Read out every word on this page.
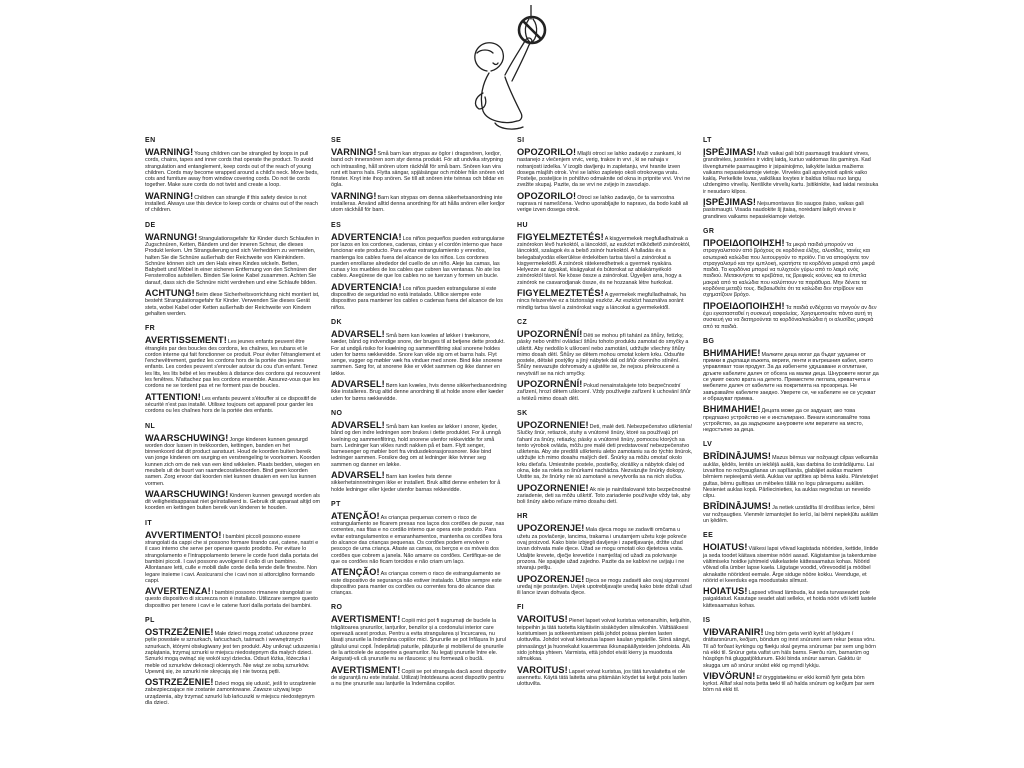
EN
WARNING!Young children can be strangled by loops in pull cords, chains, tapes and inner cords that operate the product. To avoid strangulation and entanglement, keep cords out of the reach of young children. Cords may become wrapped around a child's neck. Move beds, cots and furniture away from window covering cords. Do not tie cords together. Make sure cords do not twist and create a loop.
WARNING!Children can strangle if this safety device is not installed. Always use this device to keep cords or chains out of the reach of children.
DE
WARNUNG!Strangulationsgefahr für Kinder durch Schlaufen in Zugschnüren, Ketten, Bändern und der inneren Schnur, die dieses Produkt lenken. Um Strangulierung und sich Verheddern zu vermeiden, halten Sie die Schnüre außerhalb der Reichweite von Kleinkindern. Schnüre können sich um den Hals eines Kindes wickeln. Betten, Babybett und Möbel in einer sicheren Entfernung von den Schnüren der Fensterrollos aufstellen. Binden Sie keine Kabel zusammen. Achten Sie darauf, dass sich die Schnüre nicht verdrehen und eine Schlaufe bilden.
ACHTUNG!Beim diese Sicherheitsvorrichtung nicht montiert ist, besteht Strangulationsgefahr für Kinder. Verwenden Sie dieses Gerät stets, wobei Kabel oder Ketten außerhalb der Reichweite von Kindern gehalten werden.
FR
AVERTISSEMENT!Les jeunes enfants peuvent être étranglés par des boucles des cordons, les chaînes, les rubans et le cordon interne qui fait fonctionner ce produit. Pour éviter l'étranglement et l'enchevêtrement, gardez les cordons hors de la portée des jeunes enfants. Les cordes peuvent s'enrouler autour du cou d'un enfant. Tenez les lits, les lits bébé et les meubles à distance des cordons qui recouvrent les fenêtres. N'attachez pas les cordons ensemble. Assurez-vous que les cordons ne se tordent pas et ne forment pas de boucles.
ATTENTION!Les enfants peuvent s'étouffer si ce dispositif de sécurité n'est pas installé. Utilisez toujours cet appareil pour garder les cordons ou les chaînes hors de la portée des enfants.
NL
WAARSCHUWING!Jonge kinderen kunnen gewurgd worden door lussen in trekkoorden, kettingen, banden en het binnenkoord dat dit product aanstuurt. Houd de koorden buiten bereik van jonge kinderen om wurging en verstrengeling te voorkomen. Koorden kunnen zich om de nek van een kind wikkelen. Plaats bedden, wiegen en meubels uit de buurt van raamdecoratiekoorden. Bind geen koorden samen. Zorg ervoor dat koorden niet kunnen draaien en een lus kunnen vormen.
WAARSCHUWING!Kinderen kunnen gewurgd worden als dit veiligheidsapparaat niet geïnstalleerd is. Gebruik dit apparaat altijd om koorden en kettingen buiten bereik van kinderen te houden.
IT
AVVERTIMENTO!I bambini piccoli possono essere strangolati da cappi che si possono formare tirando cavi, catene, nastri e il cavo interno che serve per operare questo prodotto. Per evitare lo strangolamento e l'intrappolamento tenere le corde fuori dalla portata dei bambini piccoli. I cavi possono avvolgersi il collo di un bambino. Allontanare letti, culle e mobili dalle corde della tende delle finestre. Non legare insieme i cavi. Assicurarsi che i cavi non si attorciglino formando cappi.
AVVERTENZA!I bambini possono rimanere strangolati se questo dispositivo di sicurezza non è installato. Utilizzare sempre questo dispositivo per tenere i cavi e le catene fuori dalla portata dei bambini.
PL
OSTRZEŻENIE!Małe dzieci mogą zostać uduszone przez pętle powstałe w sznurkach, łańcuchach, taśmach i wewnętrznych sznurkach, którymi obsługiwany jest ten produkt. Aby uniknąć uduszenia i zaplątania, trzymaj sznurki w miejscu niedostępnym dla małych dzieci. Sznurki mogą owinąć się wokół szyi dziecka. Odsuń łóżka, łóżeczka i meble od sznurków dekoracji okiennych. Nie wiąż ze sobą sznurków. Upewnij się, że sznurki nie skręcają się i nie tworzą pętli.
OSTRZEŻENIE!Dzieci mogą się udusić, jeśli to urządzenie zabezpieczające nie zostanie zamontowane. Zawsze używaj tego urządzenia, aby trzymać sznurki lub łańcuszki w miejscu niedostępnym dla dzieci.
SE
VARNING!Små barn kan strypas av öglor i dragsnören, kedjor, band och innersnören som styr denna produkt. För att undvika strypning och intrassling, håll snören utom räckhåll för små barn. Snören kan vira runt ett barns hals. Flytta sängar, spjälsängar och möbler från snören vid fönster. Knyt inte ihop snören. Se till att snören inte tvinnas och bildar en ögla.
VARNING!Barn kan strypas om denna säkerhetsanordning inte installeras. Använd alltid denna anordning för att hålla snören eller kedjor utom räckhåll för barn.
ES
ADVERTENCIA!Los niños pequeños pueden estrangularse por lazos en los cordones, cadenas, cintas y el cordón interno que hace funcionar este producto. Para evitar estrangulamiento y enredos, mantenga los cables fuera del alcance de los niños. Los cordones pueden enrollarse alrededor del cuello de un niño. Aleje las camas, las cunas y los muebles de los cables que cubren las ventanas. No ate los cables. Asegúrese de que los cables no se tuerzan y formen un bucle.
ADVERTENCIA!Los niños pueden estrangularse si este dispositivo de seguridad no está instalado. Utilice siempre este dispositivo para mantener los cables o cadenas fuera del alcance de los niños.
DK
ADVARSEL!Små børn kan kvæles af løkker i træksnore, kæder, bånd og indvendige snore, der bruges til at betjene dette produkt. For at undgå risiko for kvælning og sammenfiltring skal snorene holdes uden for børns rækkevidde. Snore kan vikle sig om et barns hals. Flyt senge, vugger og møbler væk fra vinduer med snore. Bind ikke snorene sammen. Sørg for, at snorene ikke er viklet sammen og ikke danner en løkke.
ADVARSEL!Børn kan kvæles, hvis denne sikkerhedsanordning ikke installeres. Brug altid denne anordning til at holde snore eller kæder uden for børns rækkevidde.
NO
ADVARSEL!Små barn kan kveles av løkker i snorer, kjeder, bånd og den indre ledningen som brukes i dette produktet. For å unngå kvelning og sammenfiltring, hold snorene utenfor rekkevidde for små barn. Ledninger kan vikles rundt nakken på et barn. Flytt senger, barnesenger og møbler bort fra vindusdekorasjonssnorer. Ikke bind ledninger sammen. Forsikre deg om at ledninger ikke tvinner seg sammen og danner en løkke.
ADVARSEL!Barn kan kveles hvis denne sikkerhetsinnretningen ikke er installert. Bruk alltid denne enheten for å holde ledninger eller kjeder utenfor barnas rekkevidde.
PT
ATENÇÃO!As crianças pequenas correm o risco de estrangulamento se ficarem presas nos laços dos cordões de puxar, nas correntes, nas fitas e no cordão interno que opera este produto. Para evitar estrangulamentos e emaranhamentos, mantenha os cordões fora do alcance das crianças pequenas. Os cordões podem envolver o pescoço de uma criança. Afaste as camas, os berços e os móveis dos cordões que cobrem a janela. Não amarre os cordões. Certifique-se de que os cordões não ficam torcidos e não criam um laço.
ATENÇÃO!As crianças correm o risco de estrangulamento se este dispositivo de segurança não estiver instalado. Utilize sempre este dispositivo para manter os cordões ou correntes fora do alcance das crianças.
RO
AVERTISMENT!Copiii mici pot fi sugrumați de buclele la trăgătoarea șnururilor, lanțurilor, benzilor și a cordonului interior care operează acest produs. Pentru a evita strangularea și încurcarea, nu lăsați șnururile la îndemâna copiilor mici. Șnururile se pot înfășura în jurul gâtului unui copil. Îndepărtați paturile, pătuțurile și mobilierul de șnururile de la articolele de acoperire a geamurilor. Nu legați șnururile între ele. Asigurați-vă că șnururile nu se răsucesc și nu formează o buclă.
AVERTISMENT!Copiii se pot strangula dacă acest dispozitiv de siguranță nu este instalat. Utilizați întotdeauna acest dispozitiv pentru a nu ține șnururile sau lanțurile la îndemâna copiilor.
SI
OPOZORILO!Mlajši otroci se lahko zadavijo z zankami, ki nastanejo z vlečenjem vrvic, verig, trakov in vrvi , ki se nahaja v notranjosti izdelka. V izogib davljenju in zapletanju, vrvi hranite izven dosega mlajših otrok. Vrvi se lahko zapletejo okoli otrokovega vratu. Postelje, posteljice in pohištvo odmaknite od okna in pripnite vrvi. Vrvi ne zvežite skupaj. Pazite, da se vrvi ne zvijejo in zavozlajo.
OPOZORILO!Otroci se lahko zadavijo, če ta varnostna naprava ni nameščena. Vedno uporabljajte to napravo, da bodo kabli ali verige izven dosega otrok.
HU
FIGYELMEZTETÉS!A kisgyermekek megfulladhatnak a zsinórokon lévő hurkoktól, a láncoktól, az eszközt működtető zsinóroktól, láncoktól, szalagok és a belső zsinór hurkoktól. A fulladás és a belegabalyodás elkerülése érdekében tartsa távol a zsinórokat a kisgyermekektől. A zsinórok rátekeredhetnek a gyermek nyakára. Helyezze az ágyakat, kiságyakat és bútorokat az ablakárnyékoló zsinóroktól távol. Ne kösse össze a zsinórokat. Ügyeljen arra, hogy a zsinórok ne csavarodjanak össze, és ne hozzanak létre hurkokat.
FIGYELMEZTETÉS!A gyermekek megfulladhatnak, ha nincs felszerelve ez a biztonsági eszköz. Az eszközt használva soránt mindig tartsa távol a zsinórokat vagy a láncokat a gyermekektől.
CZ
UPOZORNĚNÍ!Děti se mohou při tahání za šňůry, řetízky, pásky nebo vnitřní ovládací šňůru tohoto produktu zamotat do smyčky a uškrtit. Aby nedošlo k uškrcení nebo zamotání, udržujte všechny šňůry mimo dosah dětí. Šňůry se dětem mohou omotat kolem krku. Odsuňte postele, dětské postýlky a jiný nábytek dál od šňůr okenního stínění. Šňůry nesvazujte dohromady a ujistěte se, že nejsou překroucené a nevytváří se na nich smyčky.
UPOZORNĚNÍ!Pokud nenainstalujete toto bezpečnostní zařízení, hrozí dětem uškrcení. Vždy používejte zařízení k uchování šňůr a řetězů mimo dosah dětí.
SK
UPOZORNENIE!Deti, malé deti. Nebezpečenstvo uškrtenia! Slučky šnúr, retiazok, stuhy a vnútorné šnúry, ktoré sa používajú pri ťahaní za šnúry, retiazky, pásky a vnútorné šnúry, pomocou ktorých sa tento výrobok ovláda, môžu pre malé deti predstavovať nebezpečenstvo uškrtenia. Aby ste predišli uškrteniu alebo zamotaniu sa do týchto šnúrok, udržujte ich mimo dosahu malých detí. Šnúrky sa môžu omotať okolo krku dieťaťa. Umiestnite postele, postieľky, okrášky a nábytok ďalej od okna, kde sa roleta so šnúrkami nachádza. Nezväzujte šnúrky dokopy. Uistite sa, že šnúrky nie sú zamotané a nevytvorila sa na nich slučka.
UPOZORNENIE!Ak nie je nainštalované toto bezpečnostné zariadenie, deti sa môžu uškrtiť. Toto zariadenie používajte vždy tak, aby boli šnúry alebo reťaze mimo dosahu detí.
HR
UPOZORENJE!Mala djeca mogu se zadaviti omčama u užetu za povlačenje, lancima, trakama i unutarnjem užetu koje pokreće ovaj proizvod. Kako biste izbjegli davljenje i zapetljavanje, držite užad izvan dohvata male djece. Užad se mogu omotati oko djetetova vrata. Udaljite krevete, dječje krevetiće i namještaj od užadi za pokrivanje prozora. Ne spajajte užad zajedno. Pazite da se kablovi ne uvijaju i ne stvaraju petlju.
UPOZORENJE!Djeca se mogu zadaviti ako ovaj sigurnosni uređaj nije postavljen. Uvijek upotrebljavajte uređaj kako biste držali užad ili lance izvan dohvata djece.
FI
VAROITUS!Pienet lapset voivat kuristua vetonaruihin, ketjuihin, teippeihin ja tätä tuotetta käyttäviin sisäköyden silmukoihin. Välttääksesi kuristumisen ja sotkeentumisen pidä johdot poissa pienten lasten ulottuvilta. Johdot voivat kietoutua lapsen kaulan ympärille. Siirrä sängyt, pinnasängyt ja huonekalut kauemmas ikkunapäällysteiden johdoista. Älä sido johtoja yhteen. Varmista, että johdot eivät kierry ja muodosta silmukkaa.
VAROITUS!Lapset voivat kuristua, jos tätä turvalaitetta ei ole asennettu. Käytä tätä laitetta aina pitämään köydet tai ketjut pois lasten ulottuvilta.
LT
ĮSPĖJIMAS!Maži vaikai gali būti pasmaugti traukiant virves, grandinėles, juosteles ir vidinį laidą, kuriuo valdomas šis gaminys. Kad išvengtumėte pasmaugimo ir įsipainiojimo, laikykite laidus mažiems vaikams nepasiekiamoje vietoje. Virvelės gali apsivynioti aplink vaiko kaklą. Perkelkite lovas, vaikiškas lovytes ir baldus toliau nuo langų uždengimo virvelių. Neriškite virvelių kartu. Įsitikinkite, kad laidai nesisuka ir nesudaro kilpos.
ĮSPĖJIMAS!Neįsumontavus šio saugos įtaiso, vaikas gali pasismaugti. Visada naudokite šį įtaisą, norėdami laikyti virves ir grandines vaikams nepasiekiamoje vietoje.
GR
ΠΡΟΕΙΔΟΠΟΙΗΣΗ!Τα μικρά παιδιά μπορούν να στραγγαλιστούν από βρόχους σε κορδόνια έλξης, αλυσίδες, ταινίες και εσωτερικά καλώδια που λειτουργούν το προϊόν. Για να αποφύγετε τον στραγγαλισμό και την εμπλοκή, κρατήστε τα κορδόνια μακριά από μικρά παιδιά. Τα κορδόνια μπορεί να τυλιχτούν γύρω από το λαιμό ενός παιδιού. Μετακινήστε τα κρεβάτια, τις βρεφικές κούνιες και τα έπιπλα μακριά από τα καλώδια που καλύπτουν τα παράθυρα. Μην δένετε τα κορδόνια μεταξύ τους. Βεβαιωθείτε ότι τα καλώδια δεν στρίβουν και σχηματίζουν βρόχο.
ΠΡΟΕΙΔΟΠΟΙΗΣΗ!Τα παιδιά ενδέχεται να πνιγούν αν δεν έχει εγκατασταθεί η συσκευή ασφαλείας. Χρησιμοποιείτε πάντα αυτή τη συσκευή για να διατηρούνται τα κορδόνια/καλώδια ή οι αλυσίδες μακριά από τα παιδιά.
BG
ВНИМАНИЕ!Малките деца могат да бъдат удушени от примки в дърпащи въжета, вериги, ленти и вътрешния кабел, които управляват този продукт. За да избегнете удушаване и оплитане, дръжте кабелите далеч от обсега на малки деца. Шнуровете могат да се увият около врата на детето. Преместете леглата, креватчета и мебелите далеч от кабелите на покритията на прозореца. Не завързвайте кабелите заедно. Уверете се, че кабелите не се усукват и образуват примка.
ВНИМАНИЕ!Децата може да се задушат, ако това предпазно устройство не е инсталирано. Винаги използвайте това устройство, за да задържате шнуровете или веригите на място, недостъпно за деца.
LV
BRĪDINĀJUMS!Mazus bērnus var nožņaugt cilpas velkamās auklās, ķēdēs, lentēs un iekšējā auklā, kas darbina šo izstrādājumu. Lai izvairītos no nožņaugšanas un sapīšanās, glabājiet auklas maziem bērniem nepieejamā vietā. Auklas var aptīties ap bērna kaklu. Pārvietojiet gultas, bērnu gultiņas un mēbeles tālāk no logu pārsegumu auklām. Nesieniet auklas kopā. Pārliecinieties, ka auklas negriežas un neveido cilpu.
BRĪDINĀJUMS!Ja netiek uzstādīta šī drošības ierīce, bērni var nožņaugties. Vienmēr izmantojiet šo ierīci, lai bērni nepiekļūtu auklām un ķēdēm.
EE
HOIATUS!Väikesi lapsi võivad kagistada nöörides, kettide, lintide ja seda toodet käitava sisemise nööri aasad. Kägistamise ja takerdumise vältimiseks hoidke juhtmeid väikelastele kättesaamatus kohas. Nöörid võivad olla ümber lapse kaela. Liigutage voodid, võrevoodid ja mööbel aknakatte nööridest eemale. Ärge siduge nööre kokku. Veenduge, et nöörid ei keerduks ega moodustaks silmust.
HOIATUS!Lapsed võivad lämbuda, kui seda turvaseadet pole paigaldatud. Kasutage seadet alati selleks, et hoida nööri või ketti lastele kättesaamatus kohas.
IS
VIÐVARANIR!Ung börn geta verið kyrkt af lykkjum í dráttarsnúrum, keðjum, böndum og innri snúrunni sem rekur þessa vöru. Til að forðast kyrkingu og flækju skal geyma snúrurnar þar sem ung börn ná ekki til. Snúrur geta vafist um háls barns. Færðu rúm, barnarúm og húsgögn frá gluggatjöldunum. Ekki binda snúrur saman. Gakktu úr skugga um að snúrur snúist ekki og myndi lykkju.
VIÐVÖRUN!Ef öryggistækinu er ekki komið fyrir geta börn kyrkst. Alltaf skal nota þetta tæki til að halda snúrum og keðjum þar sem börn ná ekki til.
